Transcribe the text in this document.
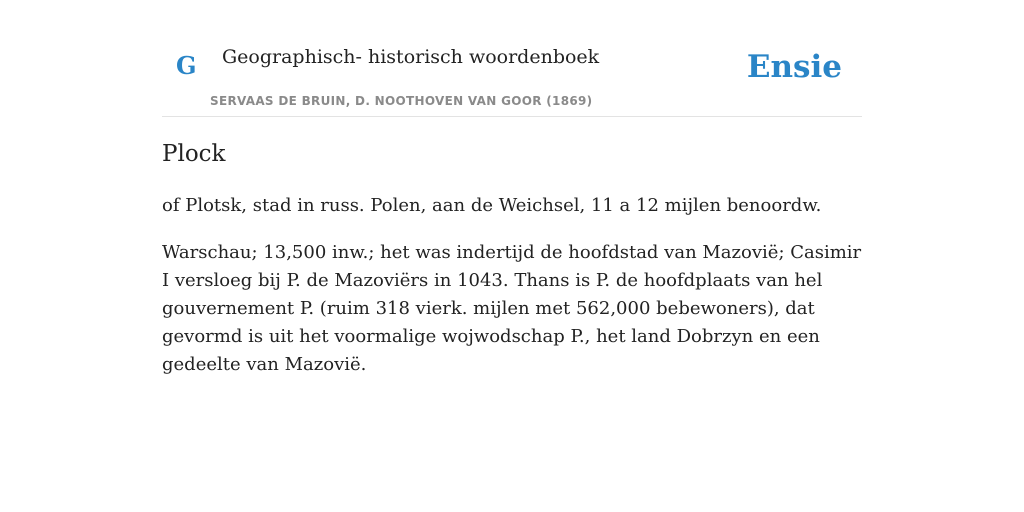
G Geographisch- historisch woordenboek
SERVAAS DE BRUIN, D. NOOTHOVEN VAN GOOR (1869)
Ensie
Plock

of Plotsk, stad in russ. Polen, aan de Weichsel, 11 a 12 mijlen benoordw.

Warschau; 13,500 inw.; het was indertijd de hoofdstad van Mazovië; Casimir I versloeg bij P. de Mazoviërs in 1043. Thans is P. de hoofdplaats van hel gouvernement P. (ruim 318 vierk. mijlen met 562,000 bebewoners), dat gevormd is uit het voormalige wojwodschap P., het land Dobrzyn en een gedeelte van Mazovië.
